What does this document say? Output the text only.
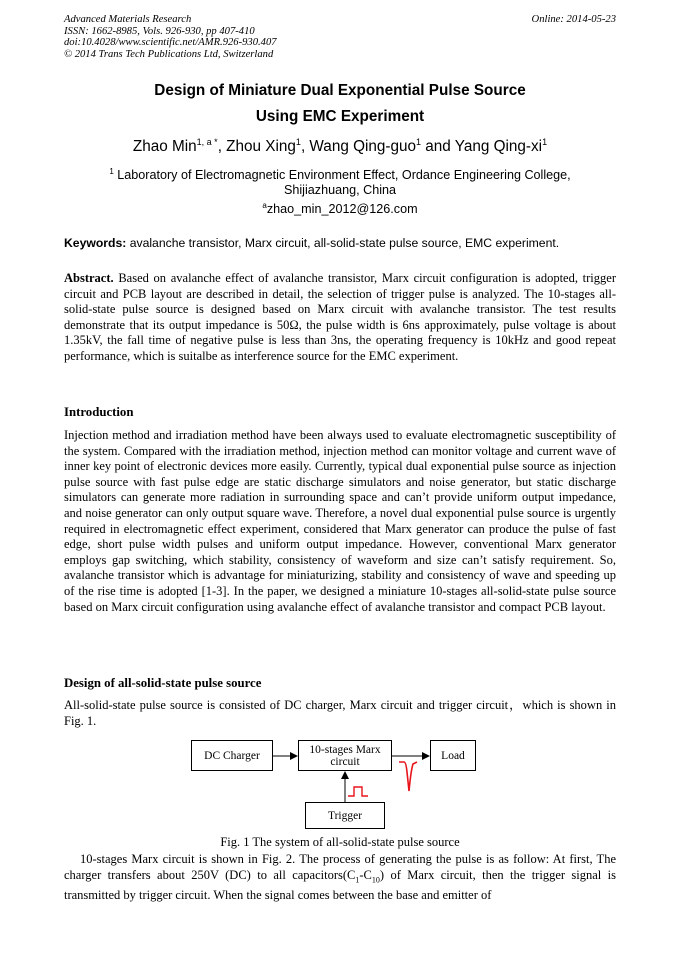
Advanced Materials Research
ISSN: 1662-8985, Vols. 926-930, pp 407-410
doi:10.4028/www.scientific.net/AMR.926-930.407
© 2014 Trans Tech Publications Ltd, Switzerland
Online: 2014-05-23
Design of Miniature Dual Exponential Pulse Source
Using EMC Experiment
Zhao Min$^{1, a *}$, Zhou Xing$^1$, Wang Qing-guo$^1$ and Yang Qing-$xi^1$
$^1$ Laboratory of Electromagnetic Environment Effect, Ordance Engineering College, Shijiazhuang, China
$^a$zhao_min_2012@126.com
Keywords: avalanche transistor, Marx circuit, all-solid-state pulse source, EMC experiment.
Abstract. Based on avalanche effect of avalanche transistor, Marx circuit configuration is adopted, trigger circuit and PCB layout are described in detail, the selection of trigger pulse is analyzed. The 10-stages all-solid-state pulse source is designed based on Marx circuit with avalanche transistor. The test results demonstrate that its output impedance is 50Ω, the pulse width is 6ns approximately, pulse voltage is about 1.35kV, the fall time of negative pulse is less than 3ns, the operating frequency is 10kHz and good repeat performance, which is suitalbe as interference source for the EMC experiment.
Introduction
Injection method and irradiation method have been always used to evaluate electromagnetic susceptibility of the system. Compared with the irradiation method, injection method can monitor voltage and current wave of inner key point of electronic devices more easily. Currently, typical dual exponential pulse source as injection pulse source with fast pulse edge are static discharge simulators and noise generator, but static discharge simulators can generate more radiation in surrounding space and can’t provide uniform output impedance, and noise generator can only output square wave. Therefore, a novel dual exponential pulse source is urgently required in electromagnetic effect experiment, considered that Marx generator can produce the pulse of fast edge, short pulse width pulses and uniform output impedance. However, conventional Marx generator employs gap switching, which stability, consistency of waveform and size can’t satisfy requirement. So, avalanche transistor which is advantage for miniaturizing, stability and consistency of wave and speeding up of the rise time is adopted [1-3]. In the paper, we designed a miniature 10-stages all-solid-state pulse source based on Marx circuit configuration using avalanche effect of avalanche transistor and compact PCB layout.
Design of all-solid-state pulse source
All-solid-state pulse source is consisted of DC charger, Marx circuit and trigger circuit，which is shown in Fig. 1.
DC Charger	10-stages Marx
circuit	Load
Trigger
Fig. 1 The system of all-solid-state pulse source
10-stages Marx circuit is shown in Fig. 2. The process of generating the pulse is as follow: At first, The charger transfers about 250V (DC) to all $capacitors(C_1-C_{10})$ of Marx circuit, then the trigger signal is transmitted by trigger circuit. When the signal comes between the base and emitter of
